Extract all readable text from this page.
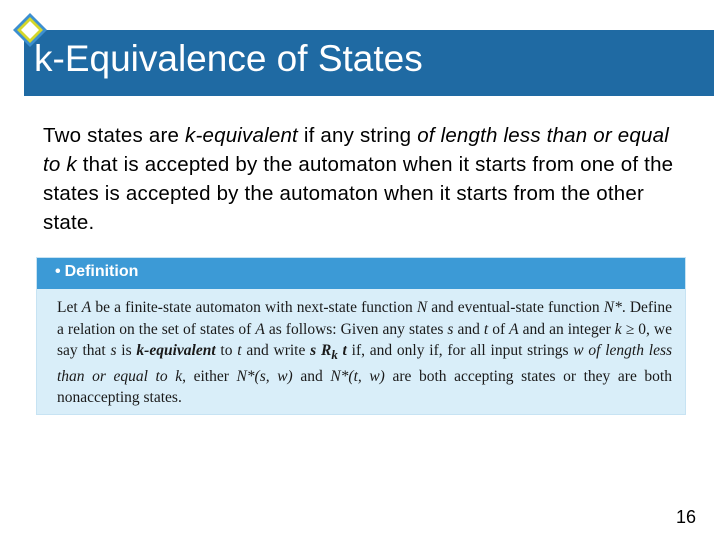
k-Equivalence of States
Two states are k-equivalent if any string of length less than or equal to k that is accepted by the automaton when it starts from one of the states is accepted by the automaton when it starts from the other state.
• Definition
Let A be a finite-state automaton with next-state function N and eventual-state function N*. Define a relation on the set of states of A as follows: Given any states s and t of A and an integer k ≥ 0, we say that s is k-equivalent to t and write s $R_k$ t if, and only if, for all input strings w of length less than or equal to k, either N*(s, w) and N*(t, w) are both accepting states or they are both nonaccepting states.
16
